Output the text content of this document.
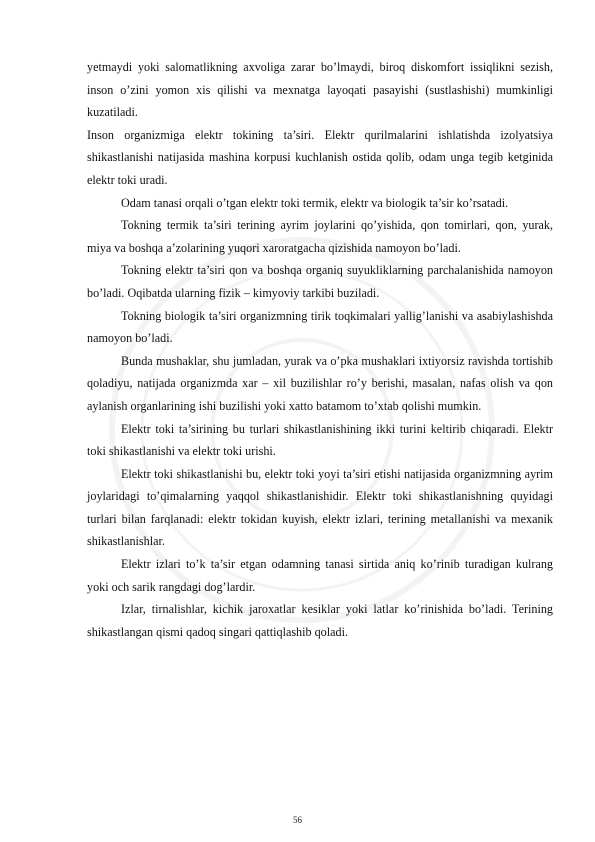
yetmaydi yoki salomatlikning axvoliga zarar bo’lmaydi, biroq diskomfort issiqlikni sezish, inson o’zini yomon xis qilishi va mexnatga layoqati pasayishi (sustlashishi) mumkinligi kuzatiladi.

Inson organizmiga elektr tokining ta’siri. Elektr qurilmalarini ishlatishda izolyatsiya shikastlanishi natijasida mashina korpusi kuchlanish ostida qolib, odam unga tegib ketginida elektr toki uradi.

Odam tanasi orqali o’tgan elektr toki termik, elektr va biologik ta’sir ko’rsatadi.

Tokning termik ta’siri terining ayrim joylarini qo’yishida, qon tomirlari, qon, yurak, miya va boshqa a’zolarining yuqori xaroratgacha qizishida namoyon bo’ladi.

Tokning elektr ta’siri qon va boshqa organiq suyukliklarning parchalanishida namoyon bo’ladi. Oqibatda ularning fizik – kimyoviy tarkibi buziladi.

Tokning biologik ta’siri organizmning tirik toqkimalari yallig’lanishi va asabiylashishda namoyon bo’ladi.

Bunda mushaklar, shu jumladan, yurak va o’pka mushaklari ixtiyorsiz ravishda tortishib qoladiyu, natijada organizmda xar – xil buzilishlar ro’y berishi, masalan, nafas olish va qon aylanish organlarining ishi buzilishi yoki xatto batamom to’xtab qolishi mumkin.

Elektr toki ta’sirining bu turlari shikastlanishining ikki turini keltirib chiqaradi. Elektr toki shikastlanishi va elektr toki urishi.

Elektr toki shikastlanishi bu, elektr toki yoyi ta’siri etishi natijasida organizmning ayrim joylaridagi to’qimalarning yaqqol shikastlanishidir. Elektr toki shikastlanishning quyidagi turlari bilan farqlanadi: elektr tokidan kuyish, elektr izlari, terining metallanishi va mexanik shikastlanishlar.

Elektr izlari to’k ta’sir etgan odamning tanasi sirtida aniq ko’rinib turadigan kulrang yoki och sarik rangdagi dog’lardir.

Izlar, tirnalishlar, kichik jaroxatlar kesiklar yoki latlar ko’rinishida bo’ladi. Terining shikastlangan qismi qadoq singari qattiqlashib qoladi.

56
